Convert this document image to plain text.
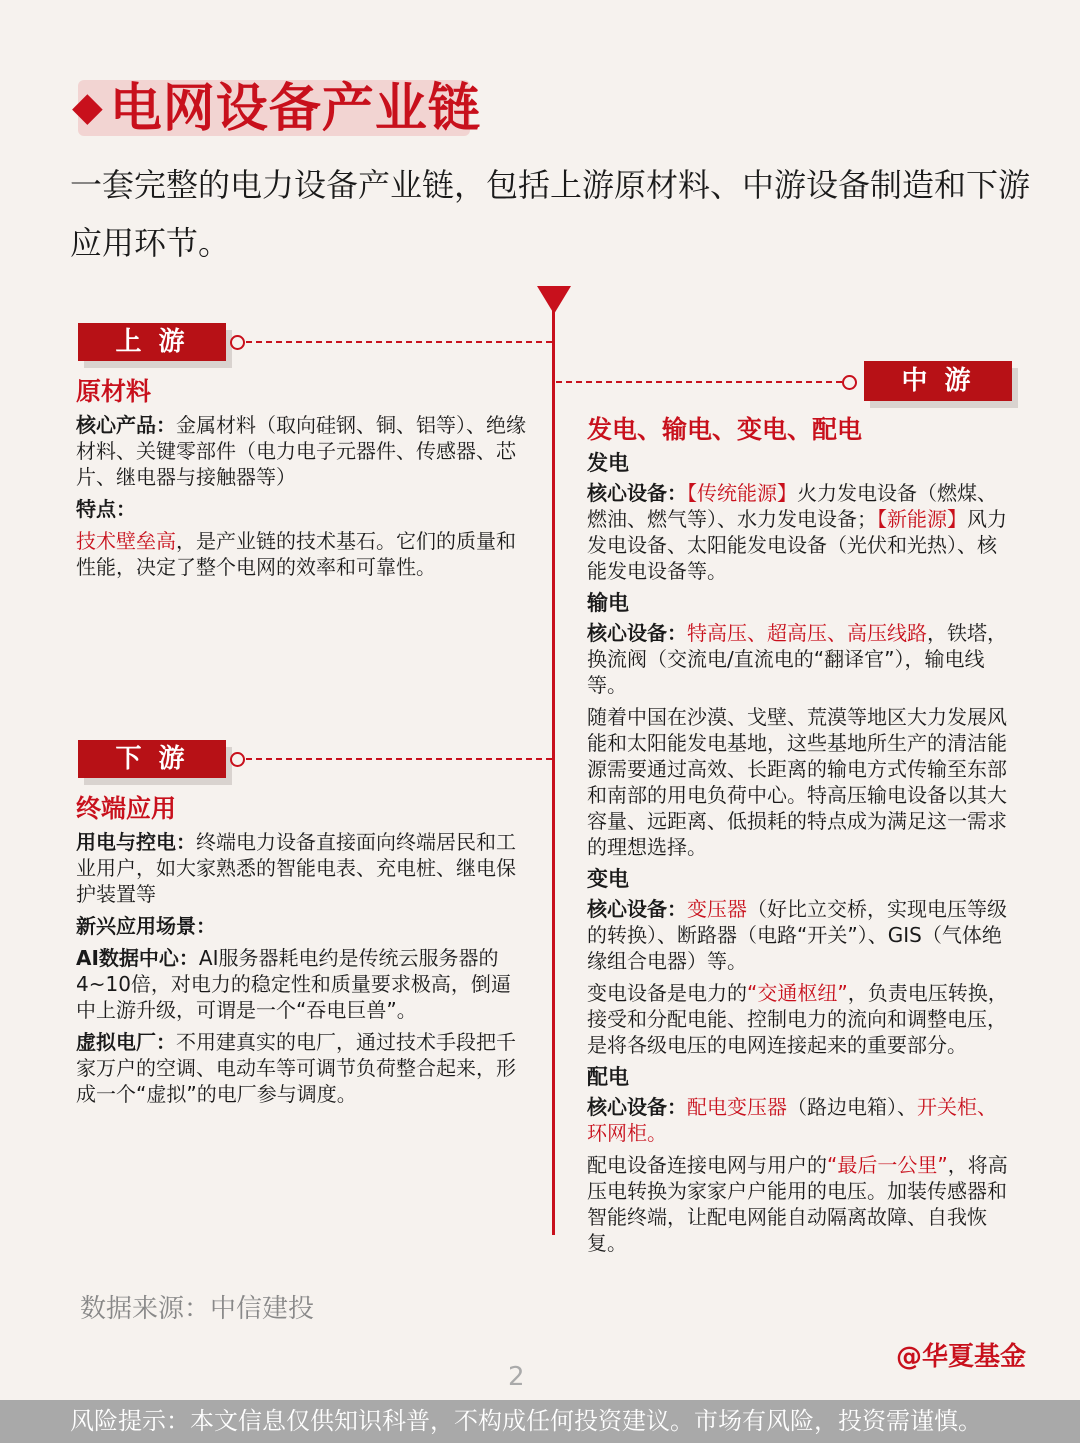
◆ 电网设备产业链
一套完整的电力设备产业链，包括上游原材料、中游设备制造和下游应用环节。
上 游
中 游
下 游
原材料

核心产品：金属材料（取向硅钢、铜、铝等）、绝缘材料、关键零部件（电力电子元器件、传感器、芯片、继电器与接触器等）

特点：

技术壁垒高，是产业链的技术基石。它们的质量和性能，决定了整个电网的效率和可靠性。

终端应用

用电与控电：终端电力设备直接面向终端居民和工业用户，如大家熟悉的智能电表、充电桩、继电保护装置等

新兴应用场景：

AI数据中心：AI服务器耗电约是传统云服务器的4~10倍，对电力的稳定性和质量要求极高，倒逼中上游升级，可谓是一个“吞电巨兽”。

虚拟电厂：不用建真实的电厂，通过技术手段把千家万户的空调、电动车等可调节负荷整合起来，形成一个“虚拟”的电厂参与调度。

发电、输电、变电、配电
发电

核心设备：【传统能源】火力发电设备（燃煤、燃油、燃气等）、水力发电设备；【新能源】风力发电设备、太阳能发电设备（光伏和光热）、核能发电设备等。

输电

核心设备：特高压、超高压、高压线路，铁塔，换流阀（交流电/直流电的“翻译官”），输电线等。

随着中国在沙漠、戈壁、荒漠等地区大力发展风能和太阳能发电基地，这些基地所生产的清洁能源需要通过高效、长距离的输电方式传输至东部和南部的用电负荷中心。特高压输电设备以其大容量、远距离、低损耗的特点成为满足这一需求的理想选择。

变电

核心设备：变压器（好比立交桥，实现电压等级的转换）、断路器（电路“开关”）、GIS（气体绝缘组合电器）等。

变电设备是电力的“交通枢纽”，负责电压转换，接受和分配电能、控制电力的流向和调整电压，是将各级电压的电网连接起来的重要部分。

配电

核心设备：配电变压器（路边电箱）、开关柜、环网柜。

配电设备连接电网与用户的“最后一公里”，将高压电转换为家家户户能用的电压。加装传感器和智能终端，让配电网能自动隔离故障、自我恢复。

数据来源：中信建投
@华夏基金
2
风险提示：本文信息仅供知识科普，不构成任何投资建议。市场有风险，投资需谨慎。
